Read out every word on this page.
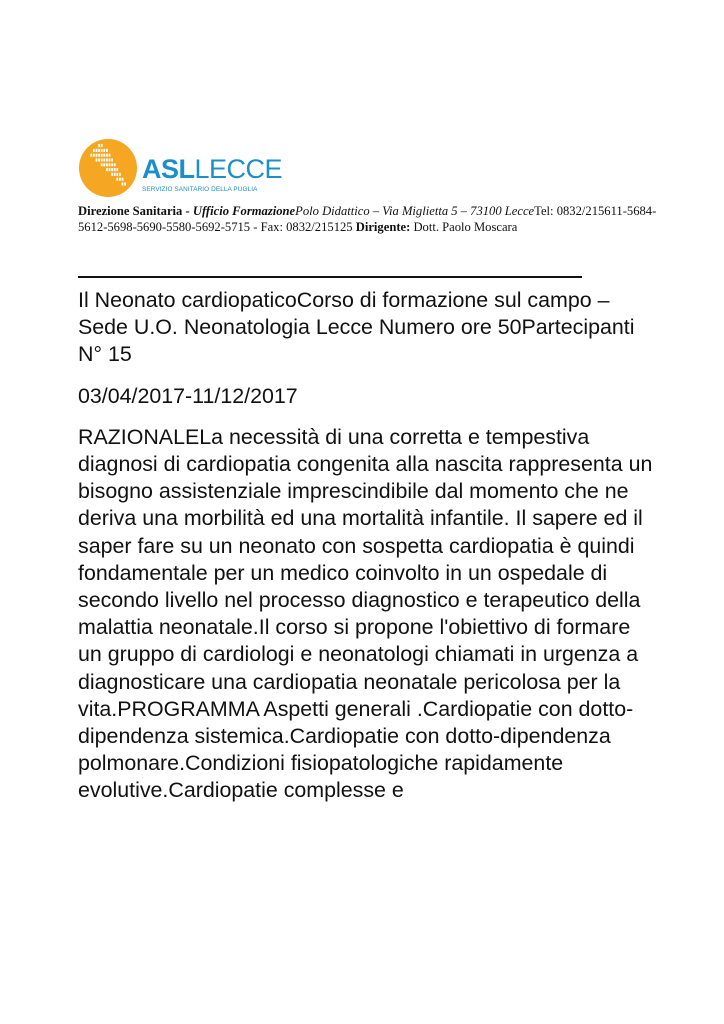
ASLLECCE
SERVIZIO SANITARIO DELLA PUGLIA
Direzione Sanitaria - Ufficio FormazionePolo Didattico – Via Miglietta 5 – 73100 LecceTel: 0832/215611-5684-5612-5698-5690-5580-5692-5715 - Fax: 0832/215125 Dirigente: Dott. Paolo Moscara

Il Neonato cardiopaticoCorso di formazione sul campo – Sede U.O. Neonatologia Lecce Numero ore 50Partecipanti N° 15

03/04/2017-11/12/2017

RAZIONALELa necessità di una corretta e tempestiva diagnosi di cardiopatia congenita alla nascita rappresenta un bisogno assistenziale imprescindibile dal momento che ne deriva una morbilità ed una mortalità infantile. Il sapere ed il saper fare su un neonato con sospetta cardiopatia è quindi fondamentale per un medico coinvolto in un ospedale di secondo livello nel processo diagnostico e terapeutico della malattia neonatale.Il corso si propone l'obiettivo di formare un gruppo di cardiologi e neonatologi chiamati in urgenza a diagnosticare una cardiopatia neonatale pericolosa per la vita.PROGRAMMA Aspetti generali .Cardiopatie con dotto-dipendenza sistemica.Cardiopatie con dotto-dipendenza polmonare.Condizioni fisiopatologiche rapidamente evolutive.Cardiopatie complesse e
